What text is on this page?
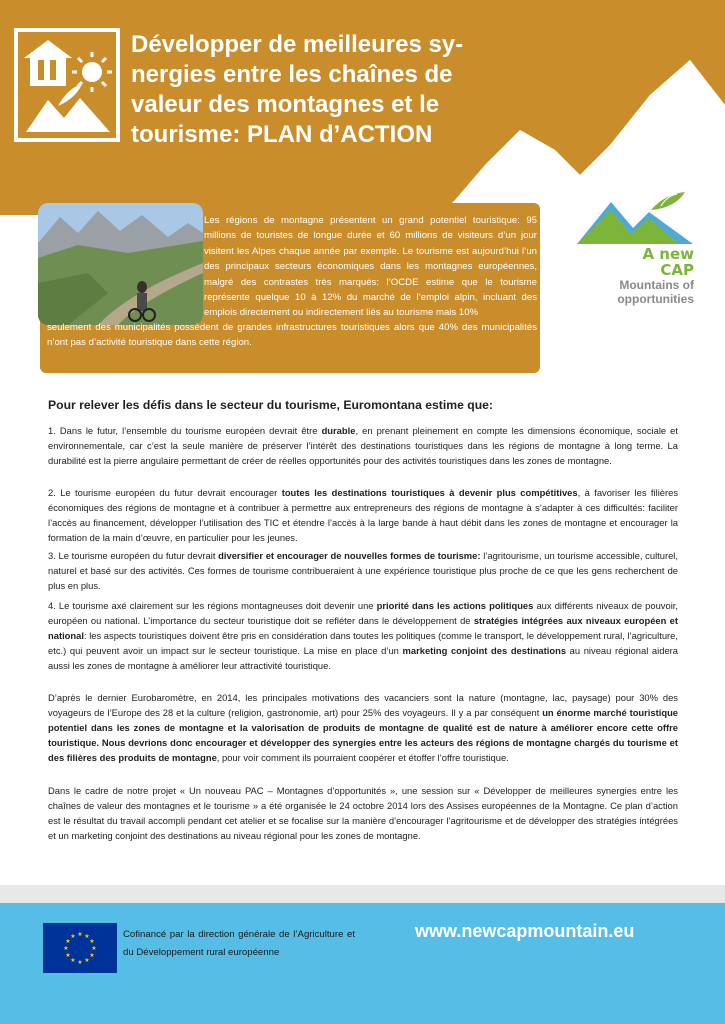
Développer de meilleures sy-
nergies entre les chaînes de
valeur des montagnes et le
tourisme: PLAN d’ACTION
A new CAP
Mountains of
opportunities
Les régions de montagne présentent un grand potentiel touristique: 95 millions de touristes de longue durée et 60 millions de visiteurs d’un jour visitent les Alpes chaque année par exemple. Le tourisme est aujourd’hui l’un des principaux secteurs économiques dans les montagnes européennes, malgré des contrastes très marqués: l’OCDE estime que le tourisme représente quelque 10 à 12% du marché de l’emploi alpin, incluant des emplois directement ou indirectement liés au tourisme mais 10%
seulement des municipalités possèdent de grandes infrastructures touristiques alors que 40% des municipalités n’ont pas d’activité touristique dans cette région.
Pour relever les défis dans le secteur du tourisme, Euromontana estime que:
1. Dans le futur, l’ensemble du tourisme européen devrait être durable, en prenant pleinement en compte les dimensions économique, sociale et environnementale, car c’est la seule manière de préserver l’intérêt des destinations touristiques dans les régions de montagne à long terme. La durabilité est la pierre angulaire permettant de créer de réelles opportunités pour des activités touristiques dans les zones de montagne.
2. Le tourisme européen du futur devrait encourager toutes les destinations touristiques à devenir plus compétitives, à favoriser les filières économiques des régions de montagne et à contribuer à permettre aux entrepreneurs des régions de montagne à s’adapter à ces difficultés: faciliter l’accès au financement, développer l’utilisation des TIC et étendre l’accès à la large bande à haut débit dans les zones de montagne et encourager la formation de la main d’œuvre, en particulier pour les jeunes.
3. Le tourisme européen du futur devrait diversifier et encourager de nouvelles formes de tourisme: l’agritourisme, un tourisme accessible, culturel, naturel et basé sur des activités. Ces formes de tourisme contribueraient à une expérience touristique plus proche de ce que les gens recherchent de plus en plus.
4. Le tourisme axé clairement sur les régions montagneuses doit devenir une priorité dans les actions politiques aux différents niveaux de pouvoir, européen ou national. L’importance du secteur touristique doit se refléter dans le développement de stratégies intégrées aux niveaux européen et national: les aspects touristiques doivent être pris en considération dans toutes les politiques (comme le transport, le développement rural, l’agriculture, etc.) qui peuvent avoir un impact sur le secteur touristique. La mise en place d’un marketing conjoint des destinations au niveau régional aidera aussi les zones de montagne à améliorer leur attractivité touristique.
D’après le dernier Eurobaromètre, en 2014, les principales motivations des vacanciers sont la nature (montagne, lac, paysage) pour 30% des voyageurs de l’Europe des 28 et la culture (religion, gastronomie, art) pour 25% des voyageurs. Il y a par conséquent un énorme marché touristique potentiel dans les zones de montagne et la valorisation de produits de montagne de qualité est de nature à améliorer encore cette offre touristique. Nous devrions donc encourager et développer des synergies entre les acteurs des régions de montagne chargés du tourisme et des filières des produits de montagne, pour voir comment ils pourraient coopérer et étoffer l’offre touristique.
Dans le cadre de notre projet « Un nouveau PAC – Montagnes d’opportunités », une session sur « Développer de meilleures synergies entre les chaînes de valeur des montagnes et le tourisme » a été organisée le 24 octobre 2014 lors des Assises européennes de la Montagne. Ce plan d’action est le résultat du travail accompli pendant cet atelier et se focalise sur la manière d’encourager l’agritourisme et de développer des stratégies intégrées et un marketing conjoint des destinations au niveau régional pour les zones de montagne.
★ ★
★
★
★
★
★
★
★
★
★
★	Cofinancé par la direction générale de l’Agriculture et du Développement rural européenne
www.newcapmountain.eu
